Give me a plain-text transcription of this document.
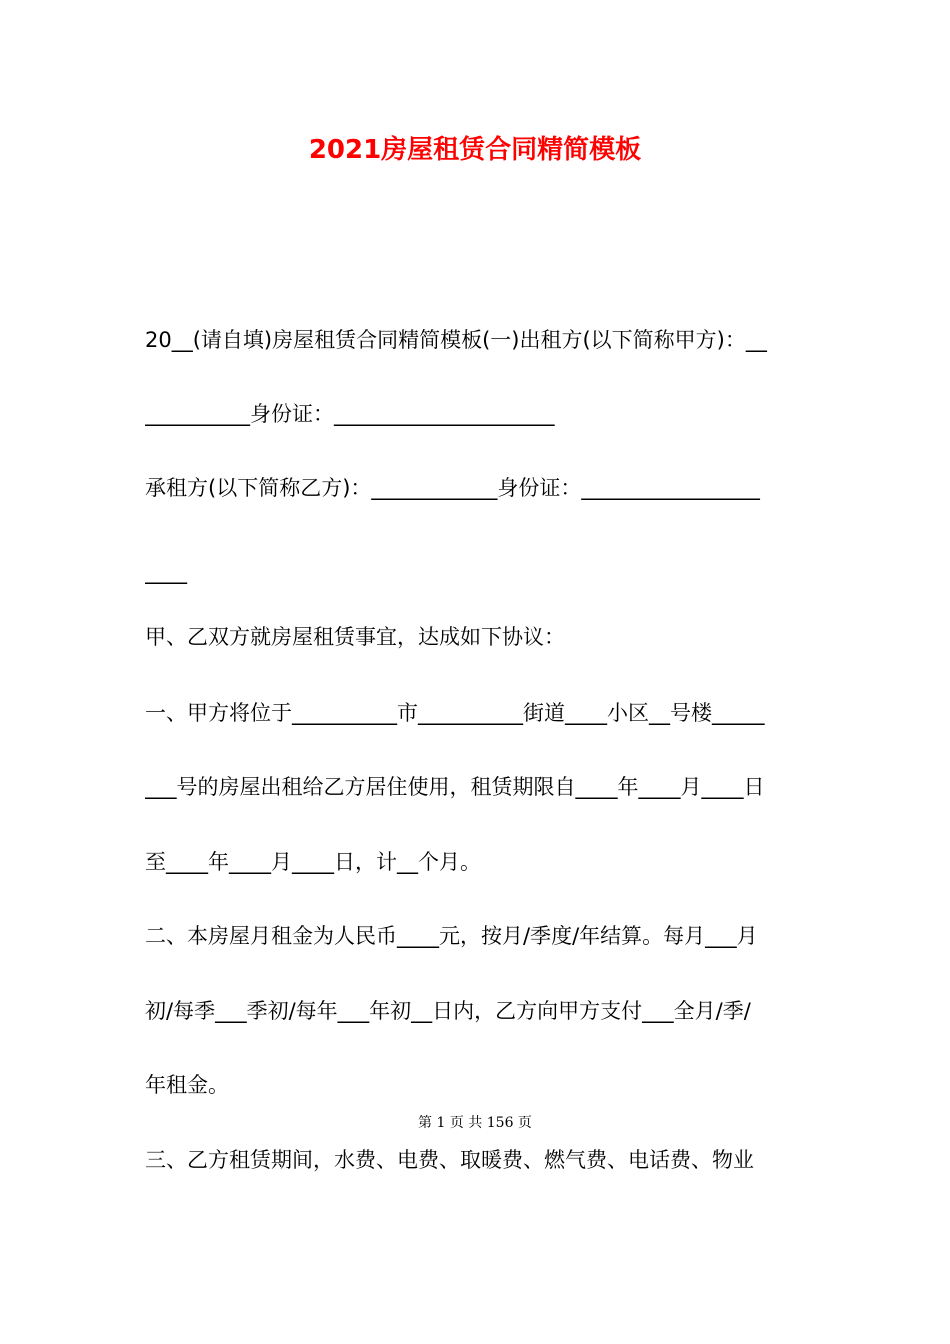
2021房屋租赁合同精简模板
20__(请自填)房屋租赁合同精简模板(一)出租方(以下简称甲方)：__
__________身份证：_____________________
承租方(以下简称乙方)：____________身份证：_________________
____
甲、乙双方就房屋租赁事宜，达成如下协议：
一、甲方将位于__________市__________街道____小区__号楼_____
___号的房屋出租给乙方居住使用，租赁期限自____年____月____日
至____年____月____日，计__个月。
二、本房屋月租金为人民币____元，按月/季度/年结算。每月___月
初/每季___季初/每年___年初__日内，乙方向甲方支付___全月/季/
年租金。
第 1 页 共 156 页
三、乙方租赁期间，水费、电费、取暖费、燃气费、电话费、物业
